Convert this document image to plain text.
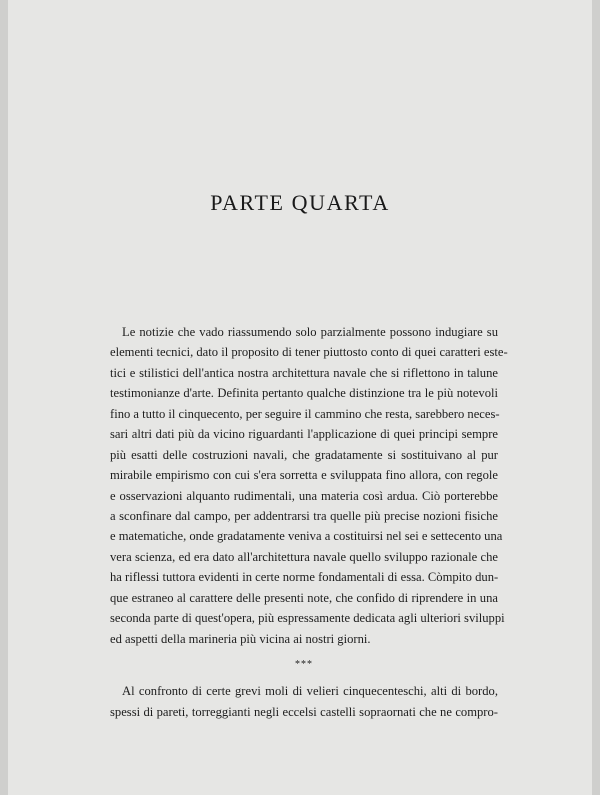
PARTE QUARTA
Le notizie che vado riassumendo solo parzialmente possono indugiare su
elementi tecnici, dato il proposito di tener piuttosto conto di quei caratteri este-
tici e stilistici dell'antica nostra architettura navale che si riflettono in talune
testimonianze d'arte. Definita pertanto qualche distinzione tra le più notevoli
fino a tutto il cinquecento, per seguire il cammino che resta, sarebbero neces-
sari altri dati più da vicino riguardanti l'applicazione di quei principi sempre
più esatti delle costruzioni navali, che gradatamente si sostituivano al pur
mirabile empirismo con cui s'era sorretta e sviluppata fino allora, con regole
e osservazioni alquanto rudimentali, una materia così ardua. Ciò porterebbe
a sconfinare dal campo, per addentrarsi tra quelle più precise nozioni fisiche
e matematiche, onde gradatamente veniva a costituirsi nel sei e settecento una
vera scienza, ed era dato all'architettura navale quello sviluppo razionale che
ha riflessi tuttora evidenti in certe norme fondamentali di essa. Còmpito dun-
que estraneo al carattere delle presenti note, che confido di riprendere in una
seconda parte di quest'opera, più espressamente dedicata agli ulteriori sviluppi
ed aspetti della marineria più vicina ai nostri giorni.
***
Al confronto di certe grevi moli di velieri cinquecenteschi, alti di bordo,
spessi di pareti, torreggianti negli eccelsi castelli sopraornati che ne compro-
